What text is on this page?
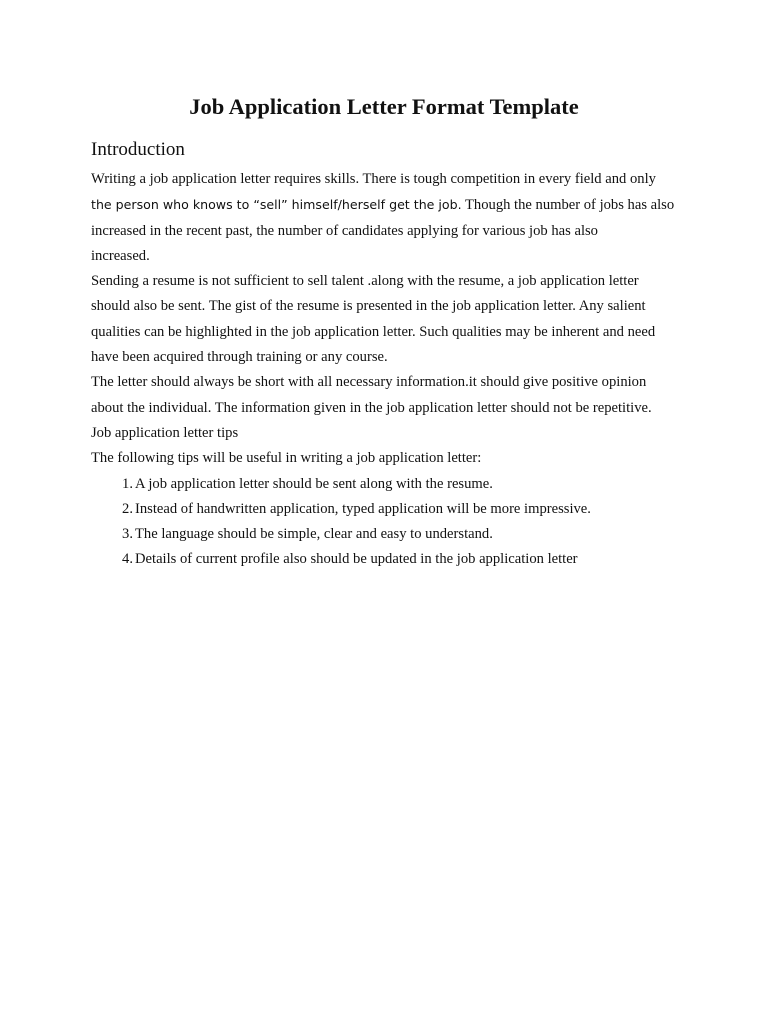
Job Application Letter Format Template
Introduction
Writing a job application letter requires skills. There is tough competition in every field and only
the person who knows to “sell” himself/herself get the job. Though the number of jobs has also
increased in the recent past, the number of candidates applying for various job has also
increased.
Sending a resume is not sufficient to sell talent .along with the resume, a job application letter
should also be sent. The gist of the resume is presented in the job application letter. Any salient
qualities can be highlighted in the job application letter. Such qualities may be inherent and need
have been acquired through training or any course.
The letter should always be short with all necessary information.it should give positive opinion
about the individual. The information given in the job application letter should not be repetitive.
Job application letter tips
The following tips will be useful in writing a job application letter:
1. A job application letter should be sent along with the resume.
2. Instead of handwritten application, typed application will be more impressive.
3. The language should be simple, clear and easy to understand.
4. Details of current profile also should be updated in the job application letter
